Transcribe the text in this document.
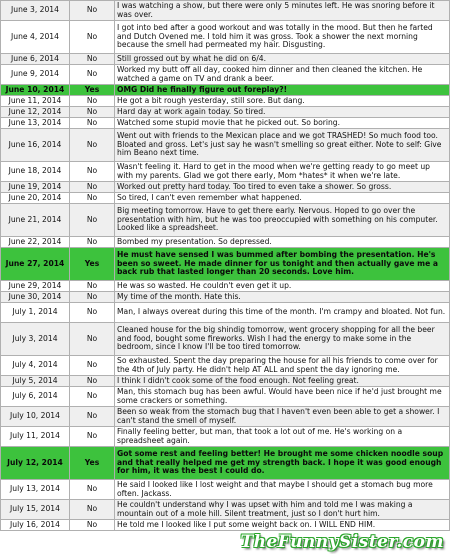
June 3, 2014	No	I was watching a show, but there were only 5 minutes left. He was snoring before it was over.
June 4, 2014	No	I got into bed after a good workout and was totally in the mood. But then he farted and Dutch Ovened me. I told him it was gross. Took a shower the next morning because the smell had permeated my hair. Disgusting.
June 6, 2014	No	Still grossed out by what he did on 6/4.
June 9, 2014	No	Worked my butt off all day, cooked him dinner and then cleaned the kitchen. He watched a game on TV and drank a beer.
June 10, 2014	Yes	OMG Did he finally figure out foreplay?!
June 11, 2014	No	He got a bit rough yesterday, still sore. But dang.
June 12, 2014	No	Hard day at work again today. So tired.
June 13, 2014	No	Watched some stupid movie that he picked out. So boring.
June 16, 2014	No	Went out with friends to the Mexican place and we got TRASHED! So much food too. Bloated and gross. Let's just say he wasn't smelling so great either. Note to self: Give him Beano next time.
June 18, 2014	No	Wasn't feeling it. Hard to get in the mood when we're getting ready to go meet up with my parents. Glad we got there early, Mom *hates* it when we're late.
June 19, 2014	No	Worked out pretty hard today. Too tired to even take a shower. So gross.
June 20, 2014	No	So tired, I can't even remember what happened.
June 21, 2014	No	Big meeting tomorrow. Have to get there early. Nervous. Hoped to go over the presentation with him, but he was too preoccupied with something on his computer. Looked like a spreadsheet.
June 22, 2014	No	Bombed my presentation. So depressed.
June 27, 2014	Yes	He must have sensed I was bummed after bombing the presentation. He's been so sweet. He made dinner for us tonight and then actually gave me a back rub that lasted longer than 20 seconds. Love him.
June 29, 2014	No	He was so wasted. He couldn't even get it up.
June 30, 2014	No	My time of the month. Hate this.
July 1, 2014	No	Man, I always overeat during this time of the month. I'm crampy and bloated. Not fun.
July 3, 2014	No	Cleaned house for the big shindig tomorrow, went grocery shopping for all the beer and food, bought some fireworks. Wish I had the energy to make some in the bedroom, since I know I'll be too tired tomorrow.
July 4, 2014	No	So exhausted. Spent the day preparing the house for all his friends to come over for the 4th of July party. He didn't help AT ALL and spent the day ignoring me.
July 5, 2014	No	I think I didn't cook some of the food enough. Not feeling great.
July 6, 2014	No	Man, this stomach bug has been awful. Would have been nice if he'd just brought me some crackers or something.
July 10, 2014	No	Been so weak from the stomach bug that I haven't even been able to get a shower. I can't stand the smell of myself.
July 11, 2014	No	Finally feeling better, but man, that took a lot out of me. He's working on a spreadsheet again.
July 12, 2014	Yes	Got some rest and feeling better! He brought me some chicken noodle soup and that really helped me get my strength back. I hope it was good enough for him, it was the best I could do.
July 13, 2014	No	He said I looked like I lost weight and that maybe I should get a stomach bug more often. Jackass.
July 15, 2014	No	He couldn't understand why I was upset with him and told me I was making a mountain out of a mole hill. Silent treatment, just so I don't hurt him.
July 16, 2014	No	He told me I looked like I put some weight back on. I WILL END HIM.
TheFunnySister.com
